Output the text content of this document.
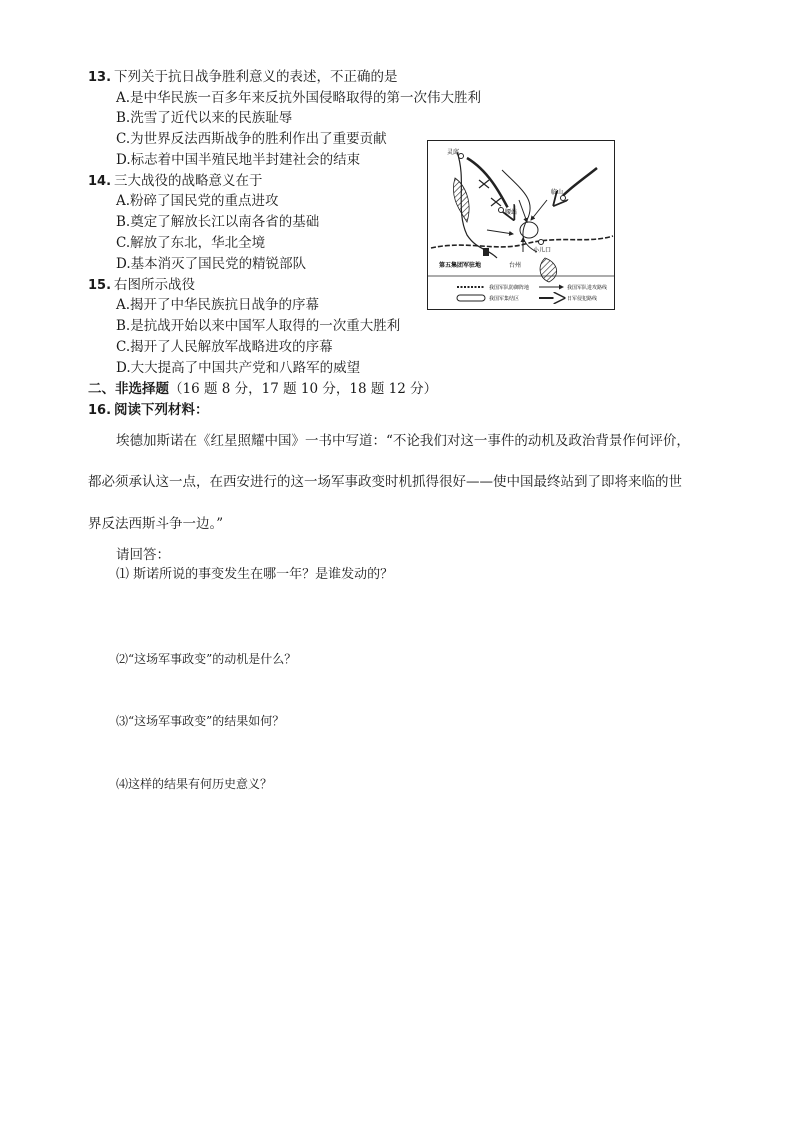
13. 下列关于抗日战争胜利意义的表述，不正确的是
A.是中华民族一百多年来反抗外国侵略取得的第一次伟大胜利
B.洗雪了近代以来的民族耻辱
C.为世界反法西斯战争的胜利作出了重要贡献
D.标志着中国半殖民地半封建社会的结束
14. 三大战役的战略意义在于
A.粉碎了国民党的重点进攻
B.奠定了解放长江以南各省的基础
C.解放了东北，华北全境
D.基本消灭了国民党的精锐部队
15. 右图所示战役
A.揭开了中华民族抗日战争的序幕
B.是抗战开始以来中国军人取得的一次重大胜利
C.揭开了人民解放军战略进攻的序幕
D.大大提高了中国共产党和八路军的威望
灵邱
腰站
临山
小儿口
第五集团军驻地	台州
我国军队防御阵地
我国军集结区
我国军队进攻路线
日军侵犯路线
二、非选择题（16 题 8 分，17 题 10 分，18 题 12 分）
16. 阅读下列材料：
埃德加斯诺在《红星照耀中国》一书中写道：“不论我们对这一事件的动机及政治背景作何评价，
都必须承认这一点，在西安进行的这一场军事政变时机抓得很好——使中国最终站到了即将来临的世
界反法西斯斗争一边。”
请回答：
⑴ 斯诺所说的事变发生在哪一年？是谁发动的？
⑵“这场军事政变”的动机是什么？
⑶“这场军事政变”的结果如何？
⑷这样的结果有何历史意义？
